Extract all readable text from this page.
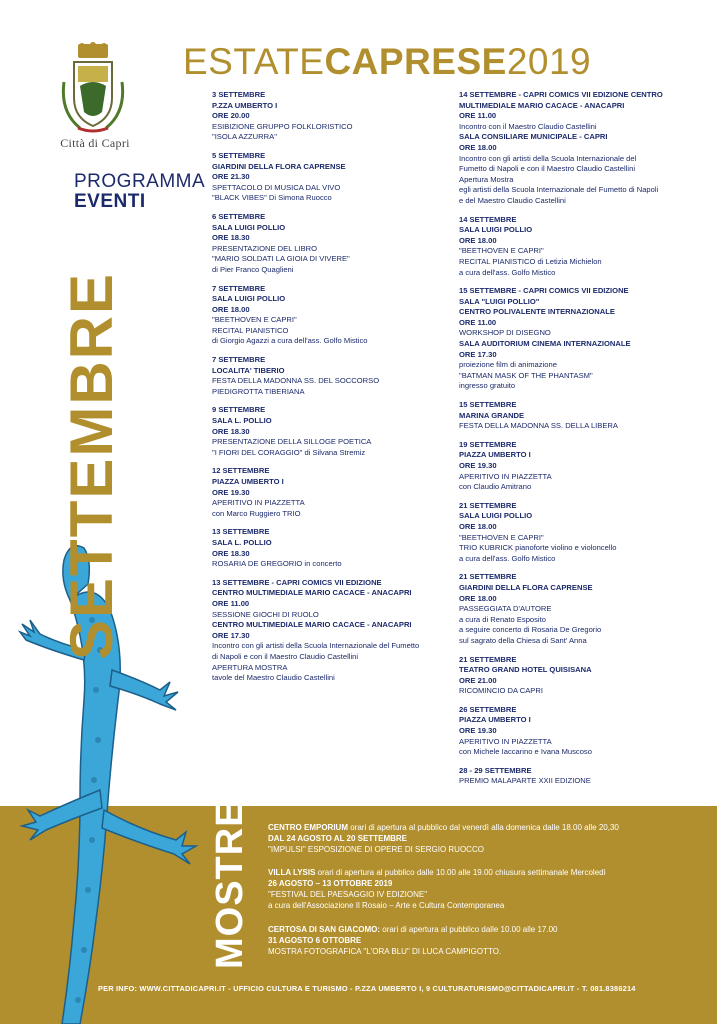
Città di Capri
ESTATECAPRESE2019
PROGRAMMA
EVENTI
SETTEMBRE
3 SETTEMBRE
P.ZZA UMBERTO I
ORE 20.00
ESIBIZIONE GRUPPO FOLKLORISTICO
"ISOLA AZZURRA"
5 SETTEMBRE
GIARDINI DELLA FLORA CAPRENSE
ORE 21.30
SPETTACOLO DI MUSICA DAL VIVO
"BLACK VIBES" Di Simona Ruocco
6 SETTEMBRE
SALA LUIGI POLLIO
ORE 18.30
PRESENTAZIONE DEL LIBRO
"MARIO SOLDATI LA GIOIA DI VIVERE"
di Pier Franco Quaglieni
7 SETTEMBRE
SALA LUIGI POLLIO
ORE 18.00
"BEETHOVEN E CAPRI"
RECITAL PIANISTICO
di Giorgio Agazzi a cura dell'ass. Golfo Mistico
7 SETTEMBRE
LOCALITA' TIBERIO
FESTA DELLA MADONNA SS. DEL SOCCORSO
PIEDIGROTTA TIBERIANA
9 SETTEMBRE
SALA L. POLLIO
ORE 18.30
PRESENTAZIONE DELLA SILLOGE POETICA
"I FIORI DEL CORAGGIO" di Silvana Stremiz
12 SETTEMBRE
PIAZZA UMBERTO I
ORE 19.30
APERITIVO IN PIAZZETTA
con Marco Ruggiero TRIO
13 SETTEMBRE
SALA L. POLLIO
ORE 18.30
ROSARIA DE GREGORIO in concerto
13 SETTEMBRE - CAPRI COMICS VII EDIZIONE
CENTRO MULTIMEDIALE MARIO CACACE - ANACAPRI
ORE 11.00
SESSIONE GIOCHI DI RUOLO
CENTRO MULTIMEDIALE MARIO CACACE - ANACAPRI
ORE 17.30
Incontro con gli artisti della Scuola Internazionale del Fumetto
di Napoli e con il Maestro Claudio Castellini
APERTURA MOSTRA
tavole del Maestro Claudio Castellini
14 SETTEMBRE - CAPRI COMICS VII EDIZIONE CENTRO
MULTIMEDIALE MARIO CACACE - ANACAPRI
ORE 11.00
Incontro con il Maestro Claudio Castellini
SALA CONSILIARE MUNICIPALE - CAPRI
ORE 18.00
Incontro con gli artisti della Scuola Internazionale del
Fumetto di Napoli e con il Maestro Claudio Castellini
Apertura Mostra
egli artisti della Scuola Internazionale del Fumetto di Napoli
e del Maestro Claudio Castellini
14 SETTEMBRE
SALA LUIGI POLLIO
ORE 18.00
"BEETHOVEN E CAPRI"
RECITAL PIANISTICO di Letizia Michielon
a cura dell'ass. Golfo Mistico
15 SETTEMBRE - CAPRI COMICS VII EDIZIONE
SALA "LUIGI POLLIO"
CENTRO POLIVALENTE INTERNAZIONALE
ORE 11.00
WORKSHOP DI DISEGNO
SALA AUDITORIUM CINEMA INTERNAZIONALE
ORE 17.30
proiezione film di animazione
"BATMAN MASK OF THE PHANTASM"
ingresso gratuito
15 SETTEMBRE
MARINA GRANDE
FESTA DELLA MADONNA SS. DELLA LIBERA
19 SETTEMBRE
PIAZZA UMBERTO I
ORE 19.30
APERITIVO IN PIAZZETTA
con Claudio Amitrano
21 SETTEMBRE
SALA LUIGI POLLIO
ORE 18.00
"BEETHOVEN E CAPRI"
TRIO KUBRICK pianoforte violino e violoncello
a cura dell'ass. Golfo Mistico
21 SETTEMBRE
GIARDINI DELLA FLORA CAPRENSE
ORE 18.00
PASSEGGIATA D'AUTORE
a cura di Renato Esposito
a seguire concerto di Rosaria De Gregorio
sul sagrato della Chiesa di Sant' Anna
21 SETTEMBRE
TEATRO GRAND HOTEL QUISISANA
ORE 21.00
RICOMINCIO DA CAPRI
26 SETTEMBRE
PIAZZA UMBERTO I
ORE 19.30
APERITIVO IN PIAZZETTA
con Michele Iaccarino e Ivana Muscoso
28 - 29 SETTEMBRE
PREMIO MALAPARTE XXII EDIZIONE
MOSTRE CENTRO EMPORIUM orari di apertura al pubblico dal venerdì alla domenica dalle 18.00 alle 20,30
DAL 24 AGOSTO AL 20 SETTEMBRE
"IMPULSI" ESPOSIZIONE DI OPERE DI SERGIO RUOCCO
VILLA LYSIS orari di apertura al pubblico dalle 10.00 alle 19.00 chiusura settimanale Mercoledì
26 AGOSTO – 13 OTTOBRE 2019
"FESTIVAL DEL PAESAGGIO IV EDIZIONE"
a cura dell'Associazione Il Rosaio – Arte e Cultura Contemporanea
CERTOSA DI SAN GIACOMO: orari di apertura al pubblico dalle 10.00 alle 17.00
31 AGOSTO 6 OTTOBRE
MOSTRA FOTOGRAFICA "L'ORA BLU" DI LUCA CAMPIGOTTO.
PER INFO: WWW.CITTADICAPRI.IT - UFFICIO CULTURA E TURISMO - P.ZZA UMBERTO I, 9 CULTURATURISMO@CITTADICAPRI.IT - T. 081.8386214
